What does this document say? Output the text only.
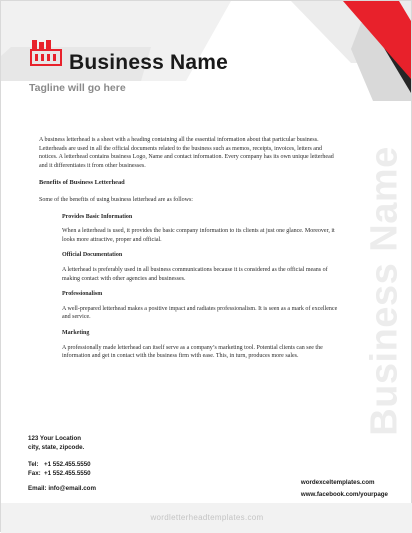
Business Name
Tagline will go here
Business Name

A business letterhead is a sheet with a heading containing all the essential information about that particular business. Letterheads are used in all the official documents related to the business such as memos, receipts, invoices, letters and notices. A letterhead contains business Logo, Name and contact information. Every company has its own unique letterhead and it differentiates it from other businesses.

Benefits of Business Letterhead

Some of the benefits of using business letterhead are as follows:

Provides Basic Information

When a letterhead is used, it provides the basic company information to its clients at just one glance. Moreover, it looks more attractive, proper and official.

Official Documentation

A letterhead is preferably used in all business communications because it is considered as the official means of making contact with other agencies and businesses.

Professionalism

A well-prepared letterhead makes a positive impact and radiates professionalism. It is seen as a mark of excellence and service.

Marketing

A professionally made letterhead can itself serve as a company’s marketing tool. Potential clients can see the information and get in contact with the business firm with ease. This, in turn, produces more sales.

123 Your Location
city, state, zipcode.
Tel: +1 552.455.5550
Fax: +1 552.455.5550
Email: info@email.com
wordexceltemplates.com
www.facebook.com/yourpage
wordletterheadtemplates.com
